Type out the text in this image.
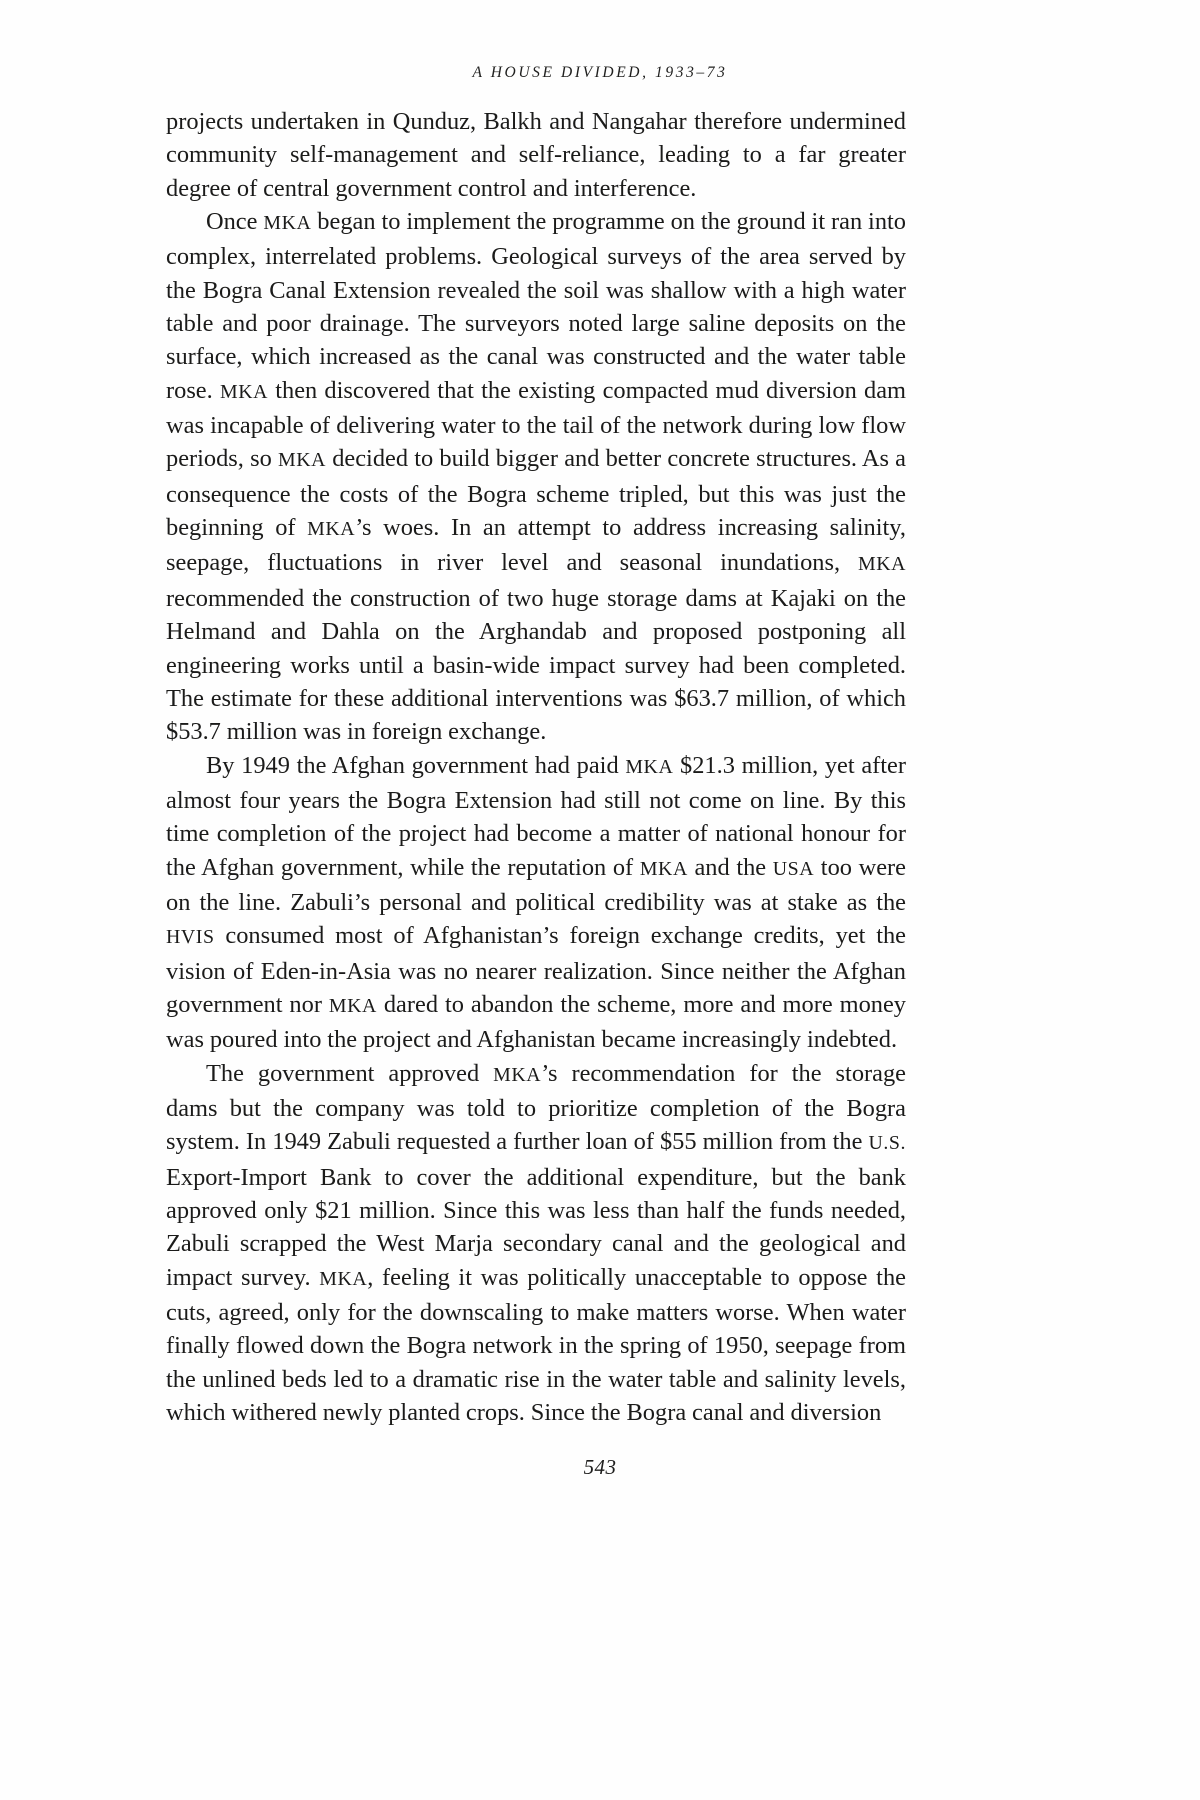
A HOUSE DIVIDED, 1933–73

projects undertaken in Qunduz, Balkh and Nangahar therefore undermined community self-management and self-reliance, leading to a far greater degree of central government control and interference.

Once MKA began to implement the programme on the ground it ran into complex, interrelated problems. Geological surveys of the area served by the Bogra Canal Extension revealed the soil was shallow with a high water table and poor drainage. The surveyors noted large saline deposits on the surface, which increased as the canal was constructed and the water table rose. MKA then discovered that the existing compacted mud diversion dam was incapable of delivering water to the tail of the network during low flow periods, so MKA decided to build bigger and better concrete structures. As a consequence the costs of the Bogra scheme tripled, but this was just the beginning of MKA’s woes. In an attempt to address increasing salinity, seepage, fluctuations in river level and seasonal inundations, MKA recommended the construction of two huge storage dams at Kajaki on the Helmand and Dahla on the Arghandab and proposed postponing all engineering works until a basin-wide impact survey had been completed. The estimate for these additional interventions was $63.7 million, of which $53.7 million was in foreign exchange.

By 1949 the Afghan government had paid MKA $21.3 million, yet after almost four years the Bogra Extension had still not come on line. By this time completion of the project had become a matter of national honour for the Afghan government, while the reputation of MKA and the USA too were on the line. Zabuli’s personal and political credibility was at stake as the HVIS consumed most of Afghanistan’s foreign exchange credits, yet the vision of Eden-in-Asia was no nearer realization. Since neither the Afghan government nor MKA dared to abandon the scheme, more and more money was poured into the project and Afghanistan became increasingly indebted.

The government approved MKA’s recommendation for the storage dams but the company was told to prioritize completion of the Bogra system. In 1949 Zabuli requested a further loan of $55 million from the U.S. Export-Import Bank to cover the additional expenditure, but the bank approved only $21 million. Since this was less than half the funds needed, Zabuli scrapped the West Marja secondary canal and the geological and impact survey. MKA, feeling it was politically unacceptable to oppose the cuts, agreed, only for the downscaling to make matters worse. When water finally flowed down the Bogra network in the spring of 1950, seepage from the unlined beds led to a dramatic rise in the water table and salinity levels, which withered newly planted crops. Since the Bogra canal and diversion

543
